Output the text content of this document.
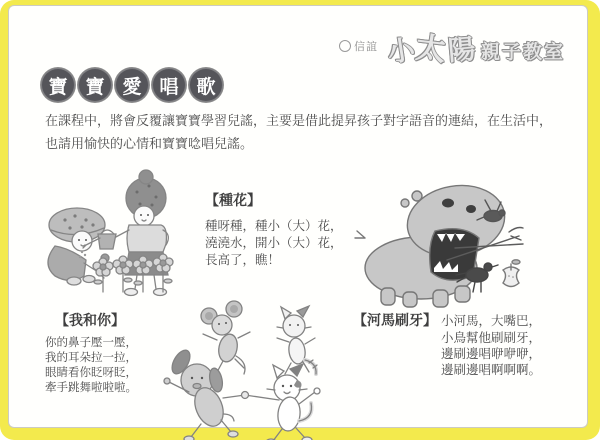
信誼 小
太 陽 親子教室
寶 寶 愛 唱 歌
在課程中，將會反覆讓寶寶學習兒謠，主要是借此提昇孩子對字語音的連結，在生活中，
也請用愉快的心情和寶寶唸唱兒謠。
【種花】
種呀種，種小（大）花，
澆澆水，開小（大）花，
長高了，瞧！
【我和你】
你的鼻子壓一壓，
我的耳朵拉一拉，
眼睛看你眨呀眨，
牽手跳舞啦啦啦。
【河馬刷牙】 小河馬，大嘴巴，
小鳥幫他刷刷牙，
邊刷邊唱咿咿咿，
邊刷邊唱啊啊啊。
